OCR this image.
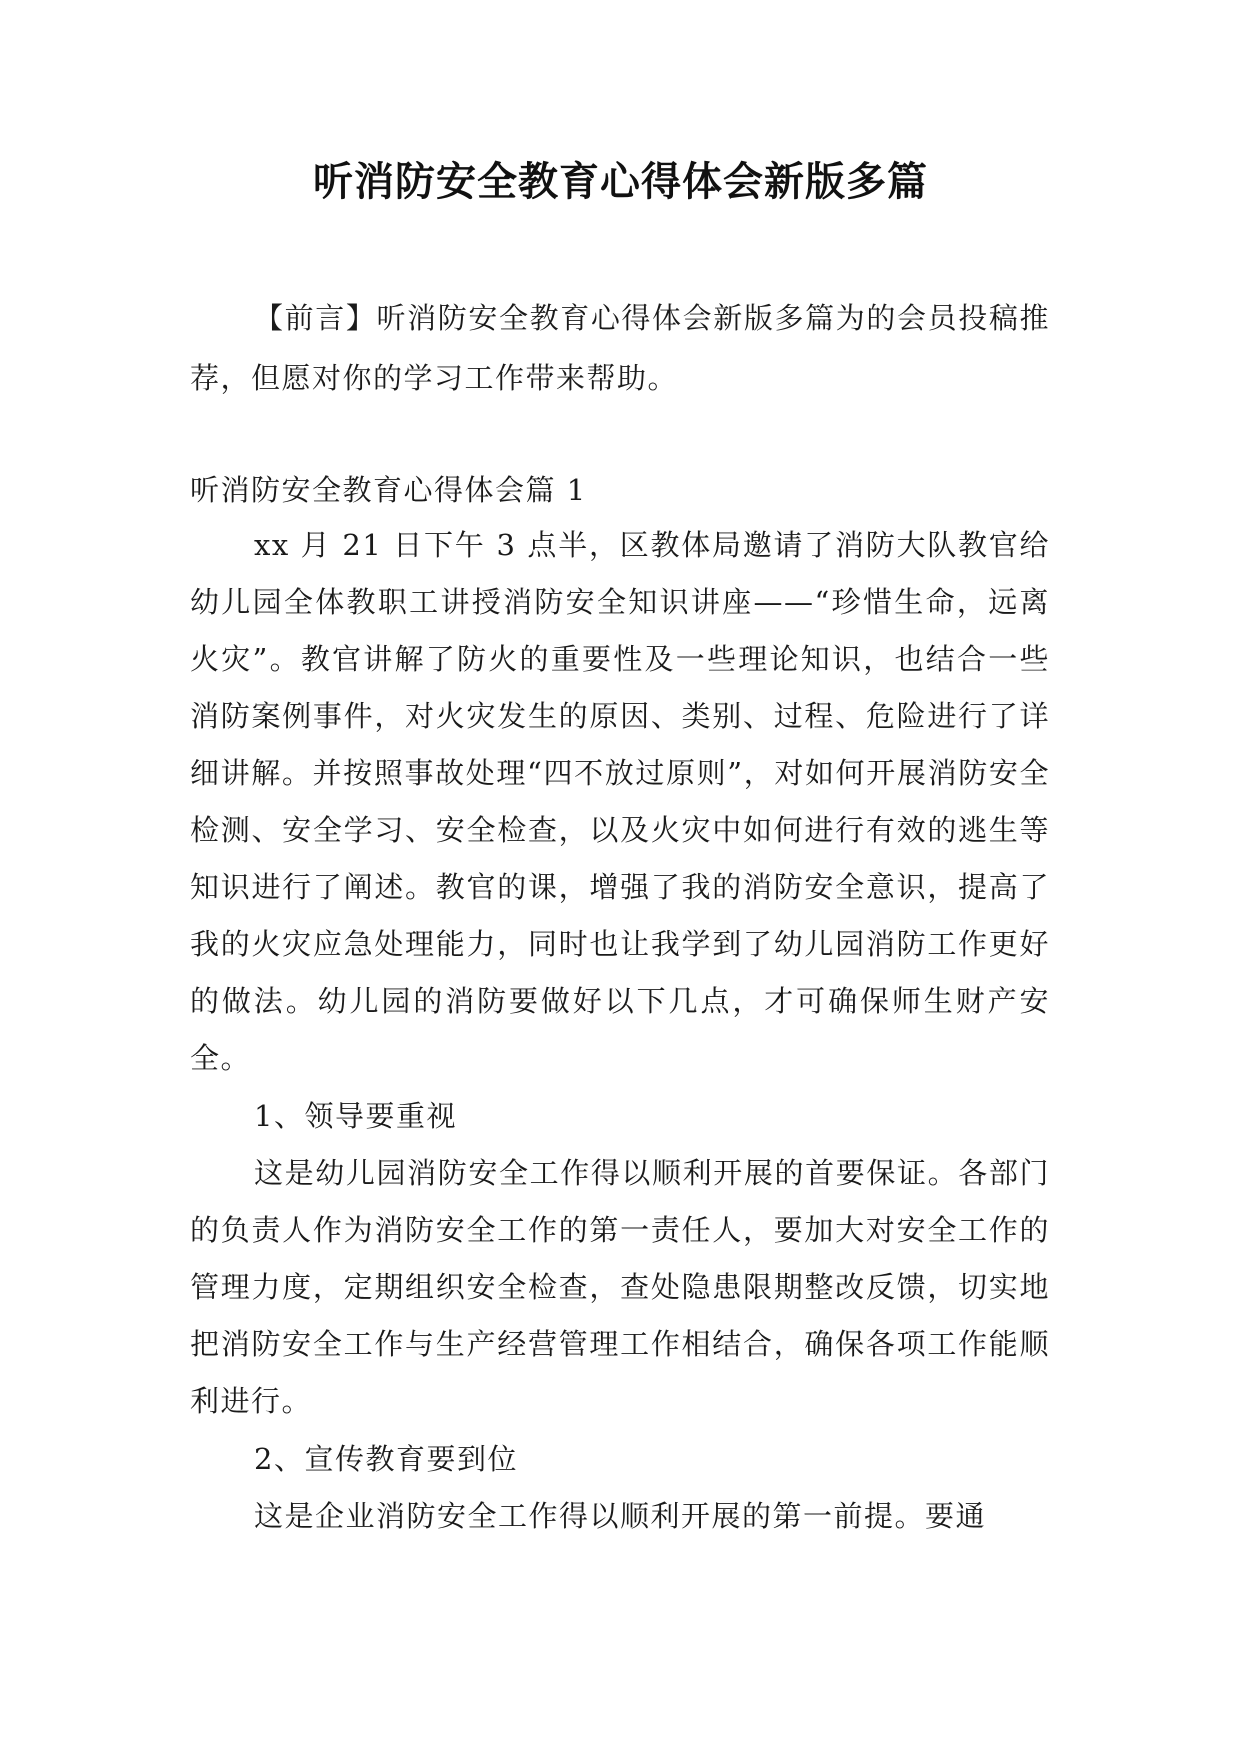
听消防安全教育心得体会新版多篇

【前言】听消防安全教育心得体会新版多篇为的会员投稿推荐，但愿对你的学习工作带来帮助。

听消防安全教育心得体会篇 1

xx 月 21 日下午 3 点半，区教体局邀请了消防大队教官给幼儿园全体教职工讲授消防安全知识讲座——“珍惜生命，远离火灾”。教官讲解了防火的重要性及一些理论知识，也结合一些消防案例事件，对火灾发生的原因、类别、过程、危险进行了详细讲解。并按照事故处理“四不放过原则”，对如何开展消防安全检测、安全学习、安全检查，以及火灾中如何进行有效的逃生等知识进行了阐述。教官的课，增强了我的消防安全意识，提高了我的火灾应急处理能力，同时也让我学到了幼儿园消防工作更好的做法。幼儿园的消防要做好以下几点，才可确保师生财产安全。

1、领导要重视

这是幼儿园消防安全工作得以顺利开展的首要保证。各部门的负责人作为消防安全工作的第一责任人，要加大对安全工作的管理力度，定期组织安全检查，查处隐患限期整改反馈，切实地把消防安全工作与生产经营管理工作相结合，确保各项工作能顺利进行。

2、宣传教育要到位

这是企业消防安全工作得以顺利开展的第一前提。要通
